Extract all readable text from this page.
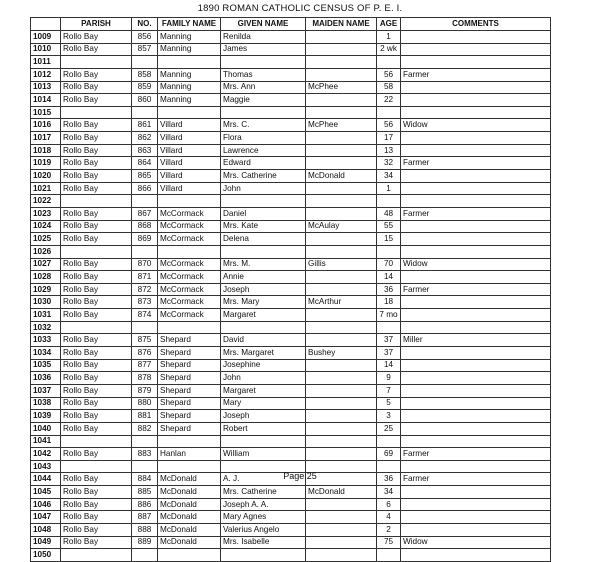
1890 ROMAN CATHOLIC CENSUS OF P. E. I.
	PARISH	NO.	FAMILY NAME	GIVEN NAME	MAIDEN NAME	AGE	COMMENTS
1009	Rollo Bay	856	Manning	Renilda		1	
1010	Rollo Bay	857	Manning	James		2 wk	
1011							
1012	Rollo Bay	858	Manning	Thomas		56	Farmer
1013	Rollo Bay	859	Manning	Mrs. Ann	McPhee	58	
1014	Rollo Bay	860	Manning	Maggie		22	
1015							
1016	Rollo Bay	861	Villard	Mrs. C.	McPhee	56	Widow
1017	Rollo Bay	862	Villard	Flora		17	
1018	Rollo Bay	863	Villard	Lawrence		13	
1019	Rollo Bay	864	Villard	Edward		32	Farmer
1020	Rollo Bay	865	Villard	Mrs. Catherine	McDonald	34	
1021	Rollo Bay	866	Villard	John		1	
1022							
1023	Rollo Bay	867	McCormack	Daniel		48	Farmer
1024	Rollo Bay	868	McCormack	Mrs. Kate	McAulay	55	
1025	Rollo Bay	869	McCormack	Delena		15	
1026							
1027	Rollo Bay	870	McCormack	Mrs. M.	Gillis	70	Widow
1028	Rollo Bay	871	McCormack	Annie		14	
1029	Rollo Bay	872	McCormack	Joseph		36	Farmer
1030	Rollo Bay	873	McCormack	Mrs. Mary	McArthur	18	
1031	Rollo Bay	874	McCormack	Margaret		7 mo	
1032							
1033	Rollo Bay	875	Shepard	David		37	Miller
1034	Rollo Bay	876	Shepard	Mrs. Margaret	Bushey	37	
1035	Rollo Bay	877	Shepard	Josephine		14	
1036	Rollo Bay	878	Shepard	John		9	
1037	Rollo Bay	879	Shepard	Margaret		7	
1038	Rollo Bay	880	Shepard	Mary		5	
1039	Rollo Bay	881	Shepard	Joseph		3	
1040	Rollo Bay	882	Shepard	Robert		25	
1041							
1042	Rollo Bay	883	Hanlan	William		69	Farmer
1043							
1044	Rollo Bay	884	McDonald	A. J.		36	Farmer
1045	Rollo Bay	885	McDonald	Mrs. Catherine	McDonald	34	
1046	Rollo Bay	886	McDonald	Joseph A. A.		6	
1047	Rollo Bay	887	McDonald	Mary Agnes		4	
1048	Rollo Bay	888	McDonald	Valerius Angelo		2	
1049	Rollo Bay	889	McDonald	Mrs. Isabelle		75	Widow
1050							
Page 25
